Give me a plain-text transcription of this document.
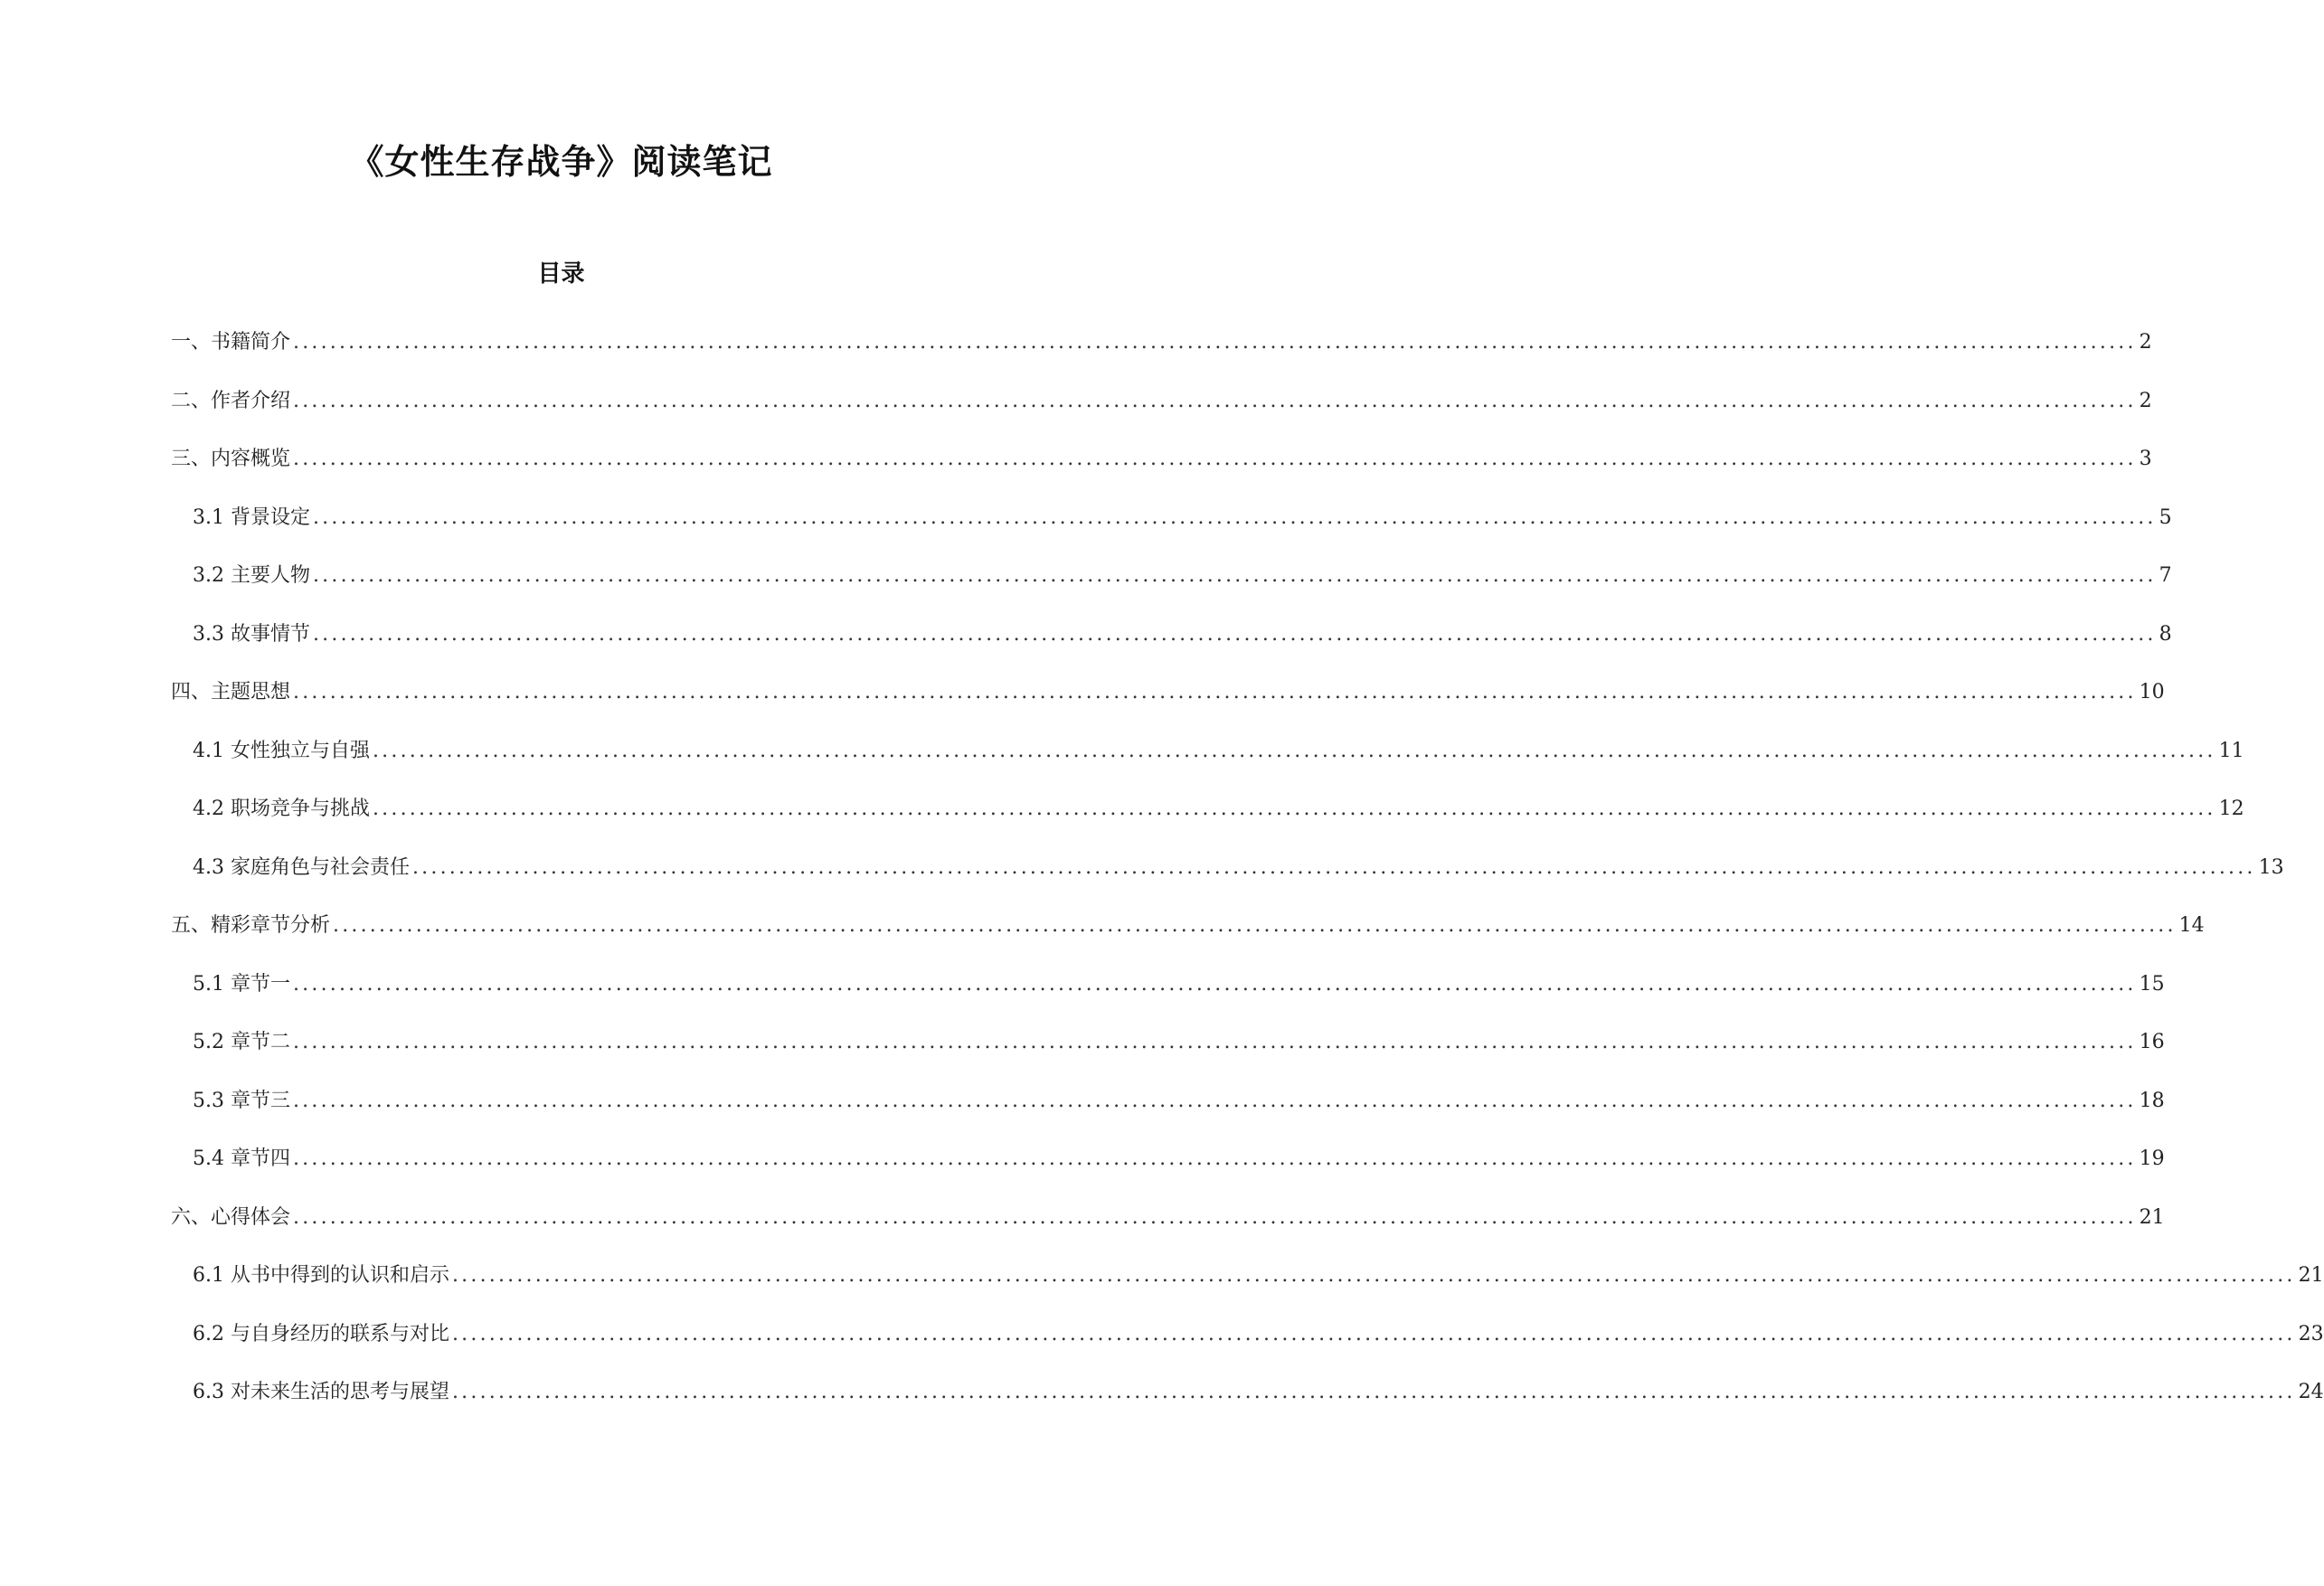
《女性生存战争》阅读笔记
目录
一、书籍简介 ........................................................................................................................................................................................................ 2
二、作者介绍 ........................................................................................................................................................................................................ 2
三、内容概览 ........................................................................................................................................................................................................ 3
3.1 背景设定 ........................................................................................................................................................................................................ 5
3.2 主要人物 ........................................................................................................................................................................................................ 7
3.3 故事情节 ........................................................................................................................................................................................................ 8
四、主题思想 ........................................................................................................................................................................................................ 10
4.1 女性独立与自强 ........................................................................................................................................................................................................ 11
4.2 职场竞争与挑战 ........................................................................................................................................................................................................ 12
4.3 家庭角色与社会责任 ........................................................................................................................................................................................................ 13
五、精彩章节分析 ........................................................................................................................................................................................................ 14
5.1 章节一 ........................................................................................................................................................................................................ 15
5.2 章节二 ........................................................................................................................................................................................................ 16
5.3 章节三 ........................................................................................................................................................................................................ 18
5.4 章节四 ........................................................................................................................................................................................................ 19
六、心得体会 ........................................................................................................................................................................................................ 21
6.1 从书中得到的认识和启示 ........................................................................................................................................................................................................ 21
6.2 与自身经历的联系与对比 ........................................................................................................................................................................................................ 23
6.3 对未来生活的思考与展望 ........................................................................................................................................................................................................ 24
